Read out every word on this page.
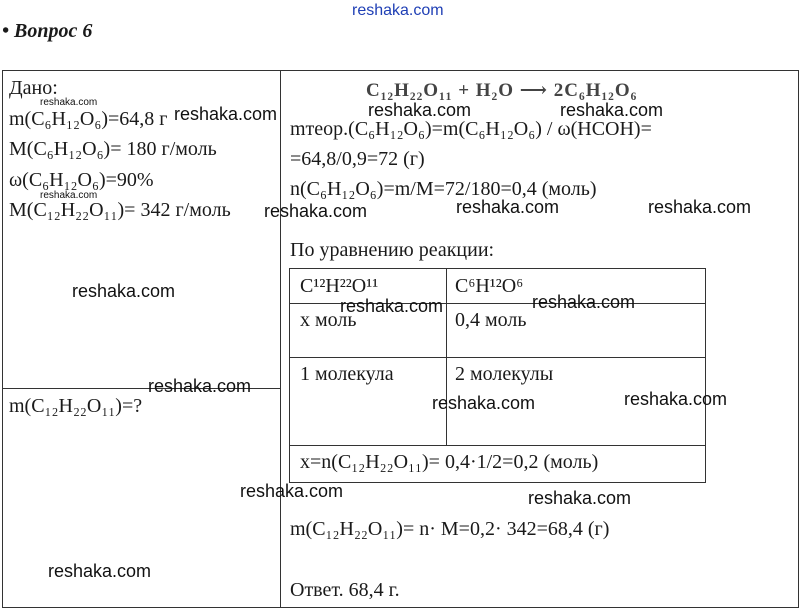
reshaka.com
• Вопрос 6
Дано:
reshaka.com
m(C₆H₁₂O₆)=64,8 г
M(C₆H₁₂O₆)= 180 г/моль
ω(C₆H₁₂O₆)=90%
reshaka.com
M(C₁₂H₂₂O₁₁)= 342 г/моль
m(C₁₂H₂₂O₁₁)=?
C₁₂H₂₂O₁₁ + H₂O ⟶ 2C₆H₁₂O₆
mтеор.(C₆H₁₂O₆)=m(C₆H₁₂O₆) / ω(HCOH)=
=64,8/0,9=72 (г)
n(C₆H₁₂O₆)=m/M=72/180=0,4 (моль)
По уравнению реакции:
C¹²H²²O¹¹	C⁶H¹²O⁶
x моль	0,4 моль
1 молекула	2 молекулы
x=n(C₁₂H₂₂O₁₁)= 0,4·1/2=0,2 (моль)
m(C₁₂H₂₂O₁₁)= n· M=0,2· 342=68,4 (г)
Ответ. 68,4 г.
reshaka.com	reshaka.com	reshaka.com
reshaka.com	reshaka.com	reshaka.com
reshaka.com
reshaka.com	reshaka.com
reshaka.com
reshaka.com	reshaka.com
reshaka.com	reshaka.com
reshaka.com
